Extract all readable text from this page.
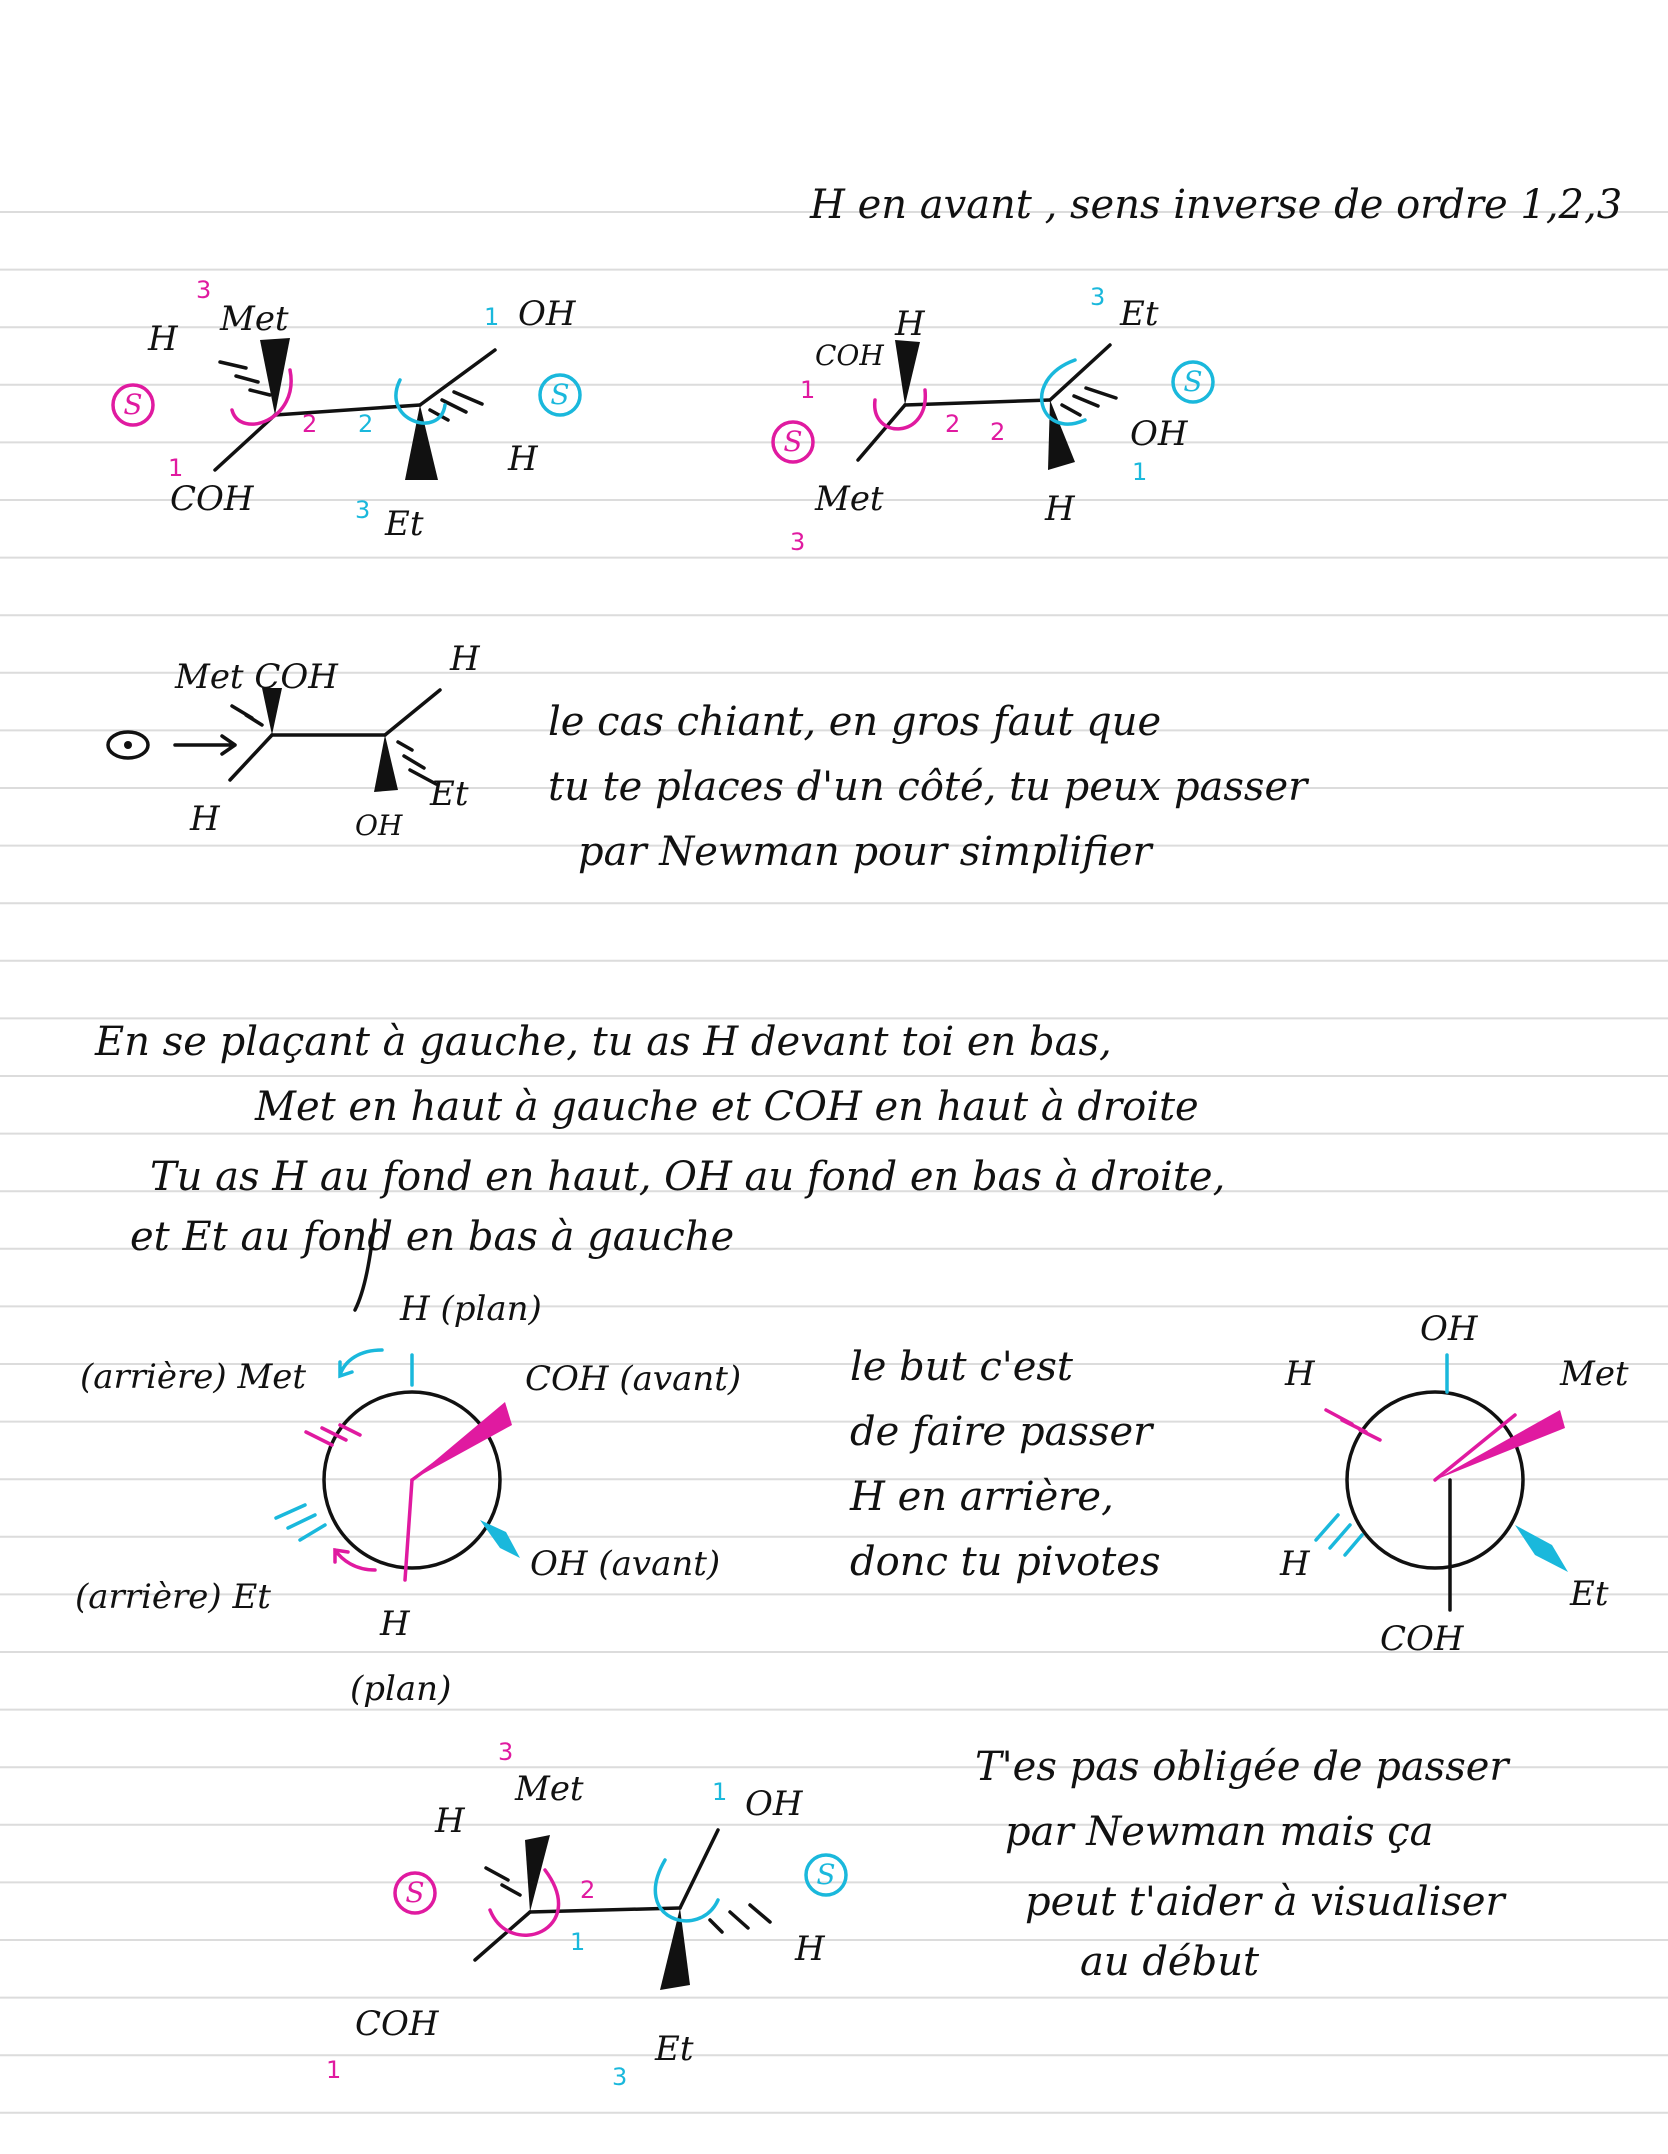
H en avant , sens inverse de ordre 1,2,3
S	S
Met
3
H
COH
1
2 2
OH
1
H
Et
3
S
S
COH
1
H
Met
3
2 2
Et
3
OH
1
H
Met COH	H
H	OH
Et
le cas chiant, en gros faut que
tu te places d'un côté, tu peux passer
par Newman pour simplifier
En se plaçant à gauche, tu as H devant toi en bas,
Met en haut à gauche et COH en haut à droite
Tu as H au fond en haut, OH au fond en bas à droite,
et Et au fond en bas à gauche
H (plan)
(arrière) Met	COH (avant)
OH (avant)
(arrière) Et
H
(plan)
le but c'est
de faire passer
H en arrière,
donc tu pivotes
OH
H	Met
H
Et
COH
S
S
Met
3
H
2
1
OH
1
H
COH
1
Et
3
T'es pas obligée de passer
par Newman mais ça
peut t'aider à visualiser
au début
